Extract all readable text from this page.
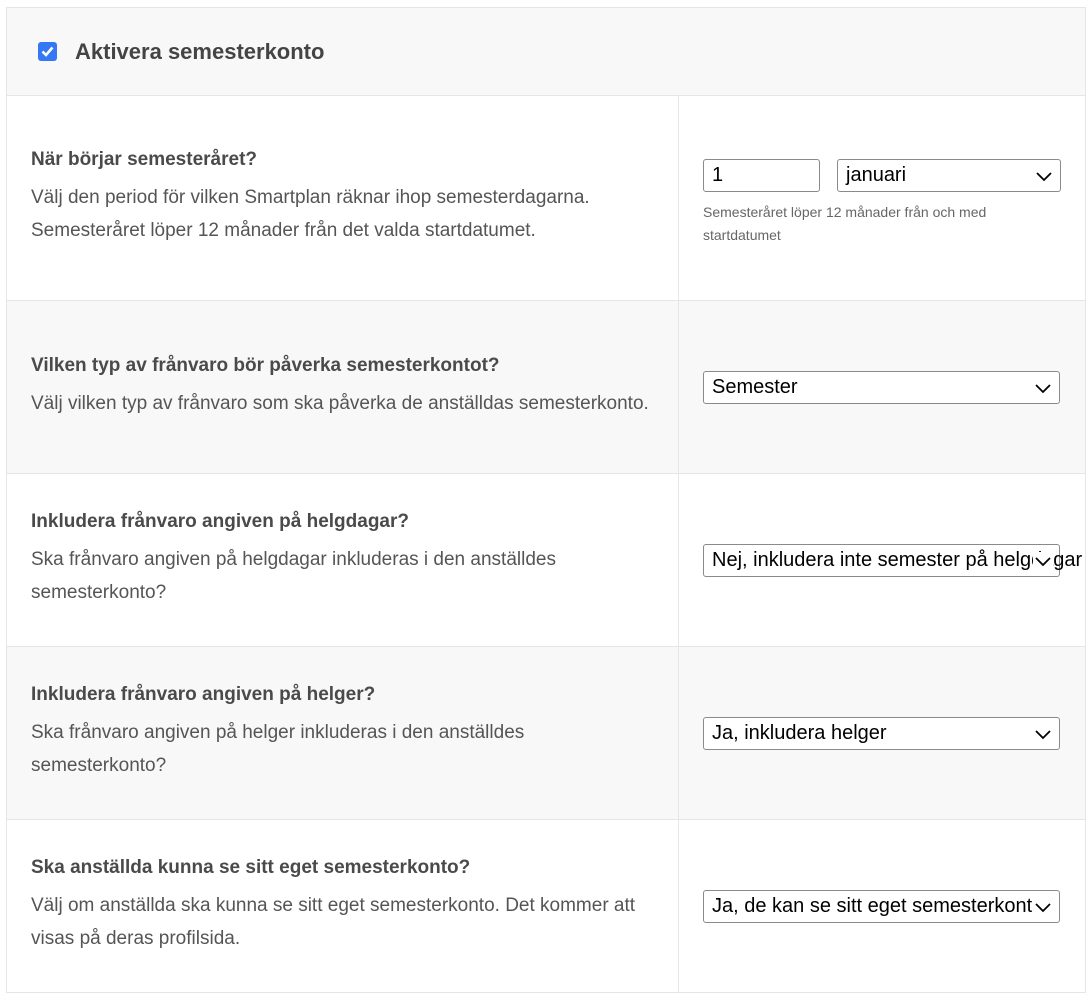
Aktivera semesterkonto
När börjar semesteråret?
Välj den period för vilken Smartplan räknar ihop semesterdagarna. Semesteråret löper 12 månader från det valda startdatumet.
1	januari
Semesteråret löper 12 månader från och med startdatumet
Vilken typ av frånvaro bör påverka semesterkontot?
Välj vilken typ av frånvaro som ska påverka de anställdas semesterkonto.
Semester
Inkludera frånvaro angiven på helgdagar?
Ska frånvaro angiven på helgdagar inkluderas i den anställdes semesterkonto?
Nej, inkludera inte semester på helgdagar
Inkludera frånvaro angiven på helger?
Ska frånvaro angiven på helger inkluderas i den anställdes semesterkonto?
Ja, inkludera helger
Ska anställda kunna se sitt eget semesterkonto?
Välj om anställda ska kunna se sitt eget semesterkonto. Det kommer att visas på deras profilsida.
Ja, de kan se sitt eget semesterkonto
